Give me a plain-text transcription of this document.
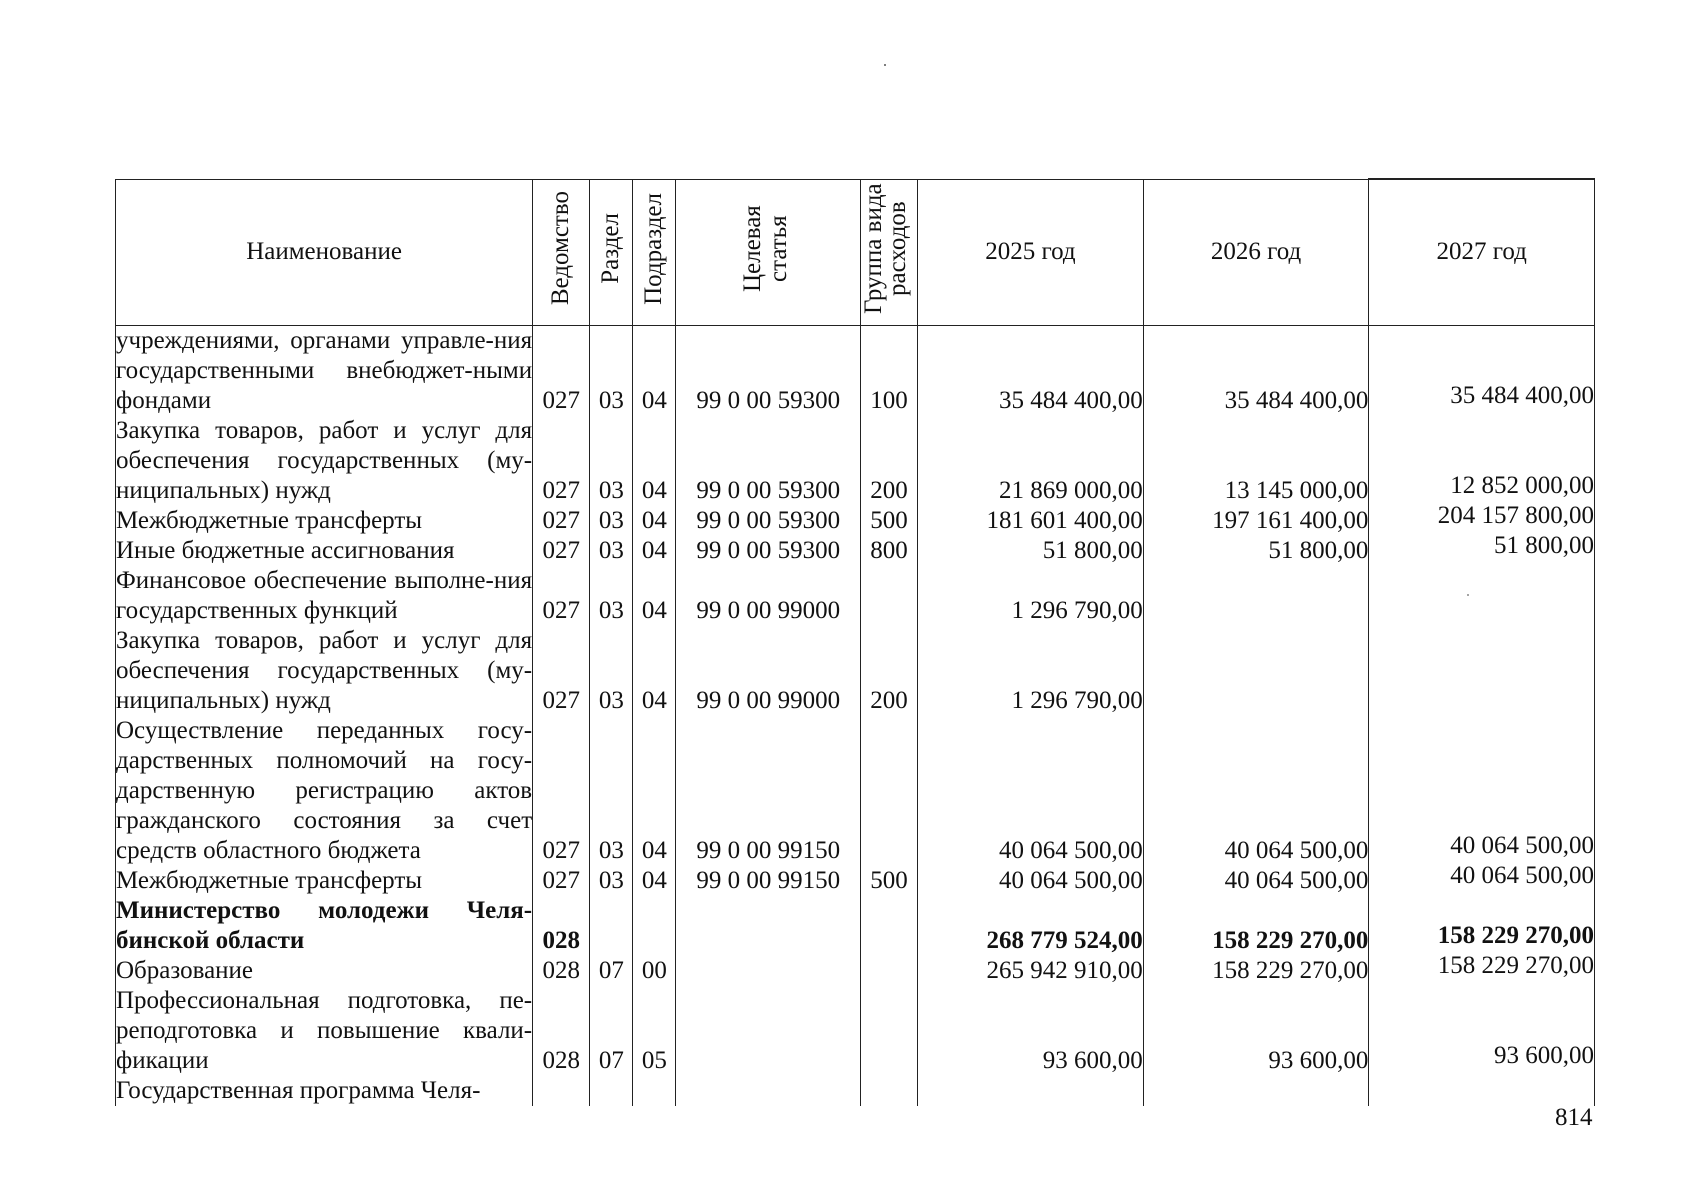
Наименование	Ведомство	Раздел	Подраздел	Целевая статья	Группа вида расходов	2025 год	2026 год	2027 год
учреждениями, органами управле-ния государственными внебюджет-ными фондами	027	03	04	99 0 00 59300	100	35 484 400,00	35 484 400,00	35 484 400,00
Закупка товаров, работ и услуг для обеспечения государственных (му-ниципальных) нужд	027	03	04	99 0 00 59300	200	21 869 000,00	13 145 000,00	12 852 000,00
Межбюджетные трансферты	027	03	04	99 0 00 59300	500	181 601 400,00	197 161 400,00	204 157 800,00
Иные бюджетные ассигнования	027	03	04	99 0 00 59300	800	51 800,00	51 800,00	51 800,00
Финансовое обеспечение выполне-ния государственных функций	027	03	04	99 0 00 99000		1 296 790,00		
Закупка товаров, работ и услуг для обеспечения государственных (му-ниципальных) нужд	027	03	04	99 0 00 99000	200	1 296 790,00		
Осуществление переданных госу-дарственных полномочий на госу-дарственную регистрацию актов гражданского состояния за счет средств областного бюджета	027	03	04	99 0 00 99150		40 064 500,00	40 064 500,00	40 064 500,00
Межбюджетные трансферты	027	03	04	99 0 00 99150	500	40 064 500,00	40 064 500,00	40 064 500,00
Министерство молодежи Челя-бинской области	028					268 779 524,00	158 229 270,00	158 229 270,00
Образование	028	07	00			265 942 910,00	158 229 270,00	158 229 270,00
Профессиональная подготовка, пе-реподготовка и повышение квали-фикации	028	07	05			93 600,00	93 600,00	93 600,00
Государственная программа Челя-								
814
